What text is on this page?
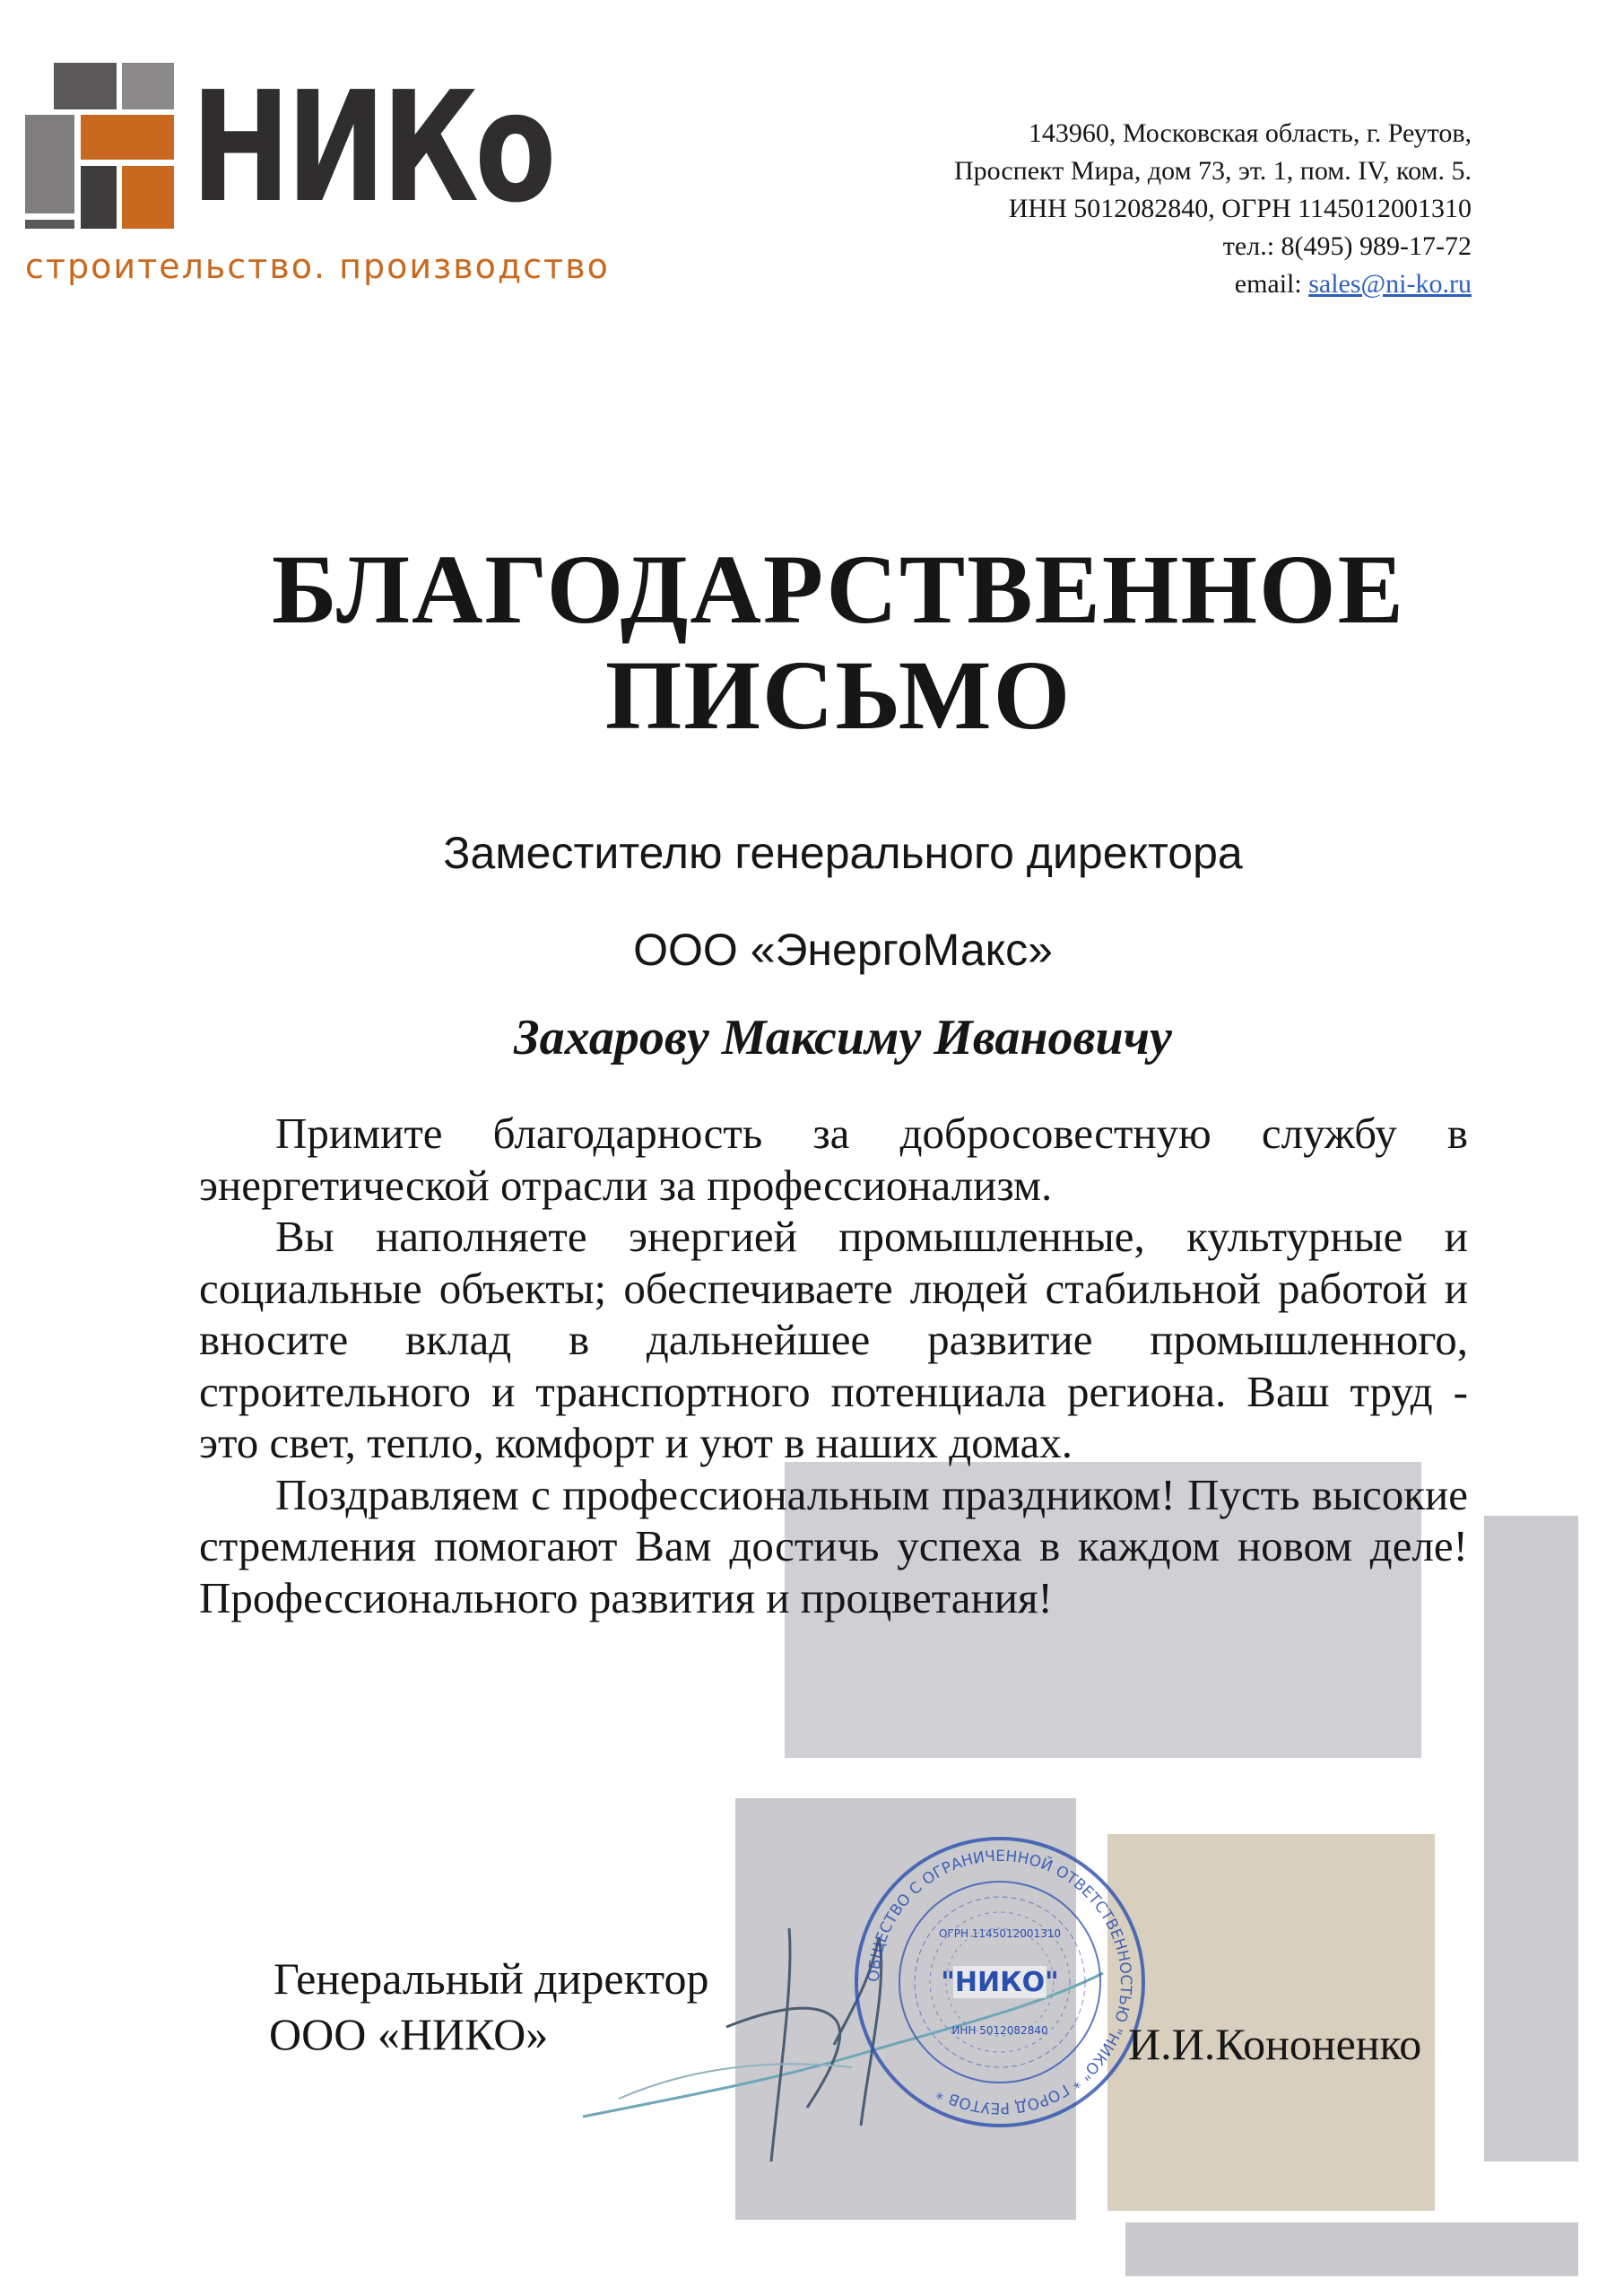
НИКо
строительство. производство
143960, Московская область, г. Реутов,
Проспект Мира, дом 73, эт. 1, пом. IV, ком. 5.
ИНН 5012082840, ОГРН 1145012001310
тел.: 8(495) 989-17-72
email: sales@ni-ko.ru
БЛАГОДАРСТВЕННОЕ
ПИСЬМО
Заместителю генерального директора
ООО «ЭнергоМакс»
Захарову Максиму Ивановичу

Примите благодарность за добросовестную службу в энергетической отрасли за профессионализм.

Вы наполняете энергией промышленные, культурные и социальные объекты; обеспечиваете людей стабильной работой и вносите вклад в дальнейшее развитие промышленного, строительного и транспортного потенциала региона. Ваш труд - это свет, тепло, комфорт и уют в наших домах.

Поздравляем с профессиональным праздником! Пусть высокие стремления помогают Вам достичь успеха в каждом новом деле! Профессионального развития и процветания!

Генеральный директор
ООО «НИКО»
ОБЩЕСТВО С ОГРАНИЧЕННОЙ ОТВЕТСТВЕННОСТЬЮ "НИКО" * ГОРОД РЕУТОВ *
"НИКО"
ОГРН 1145012001310
ИНН 5012082840 И.И.Кононенко
